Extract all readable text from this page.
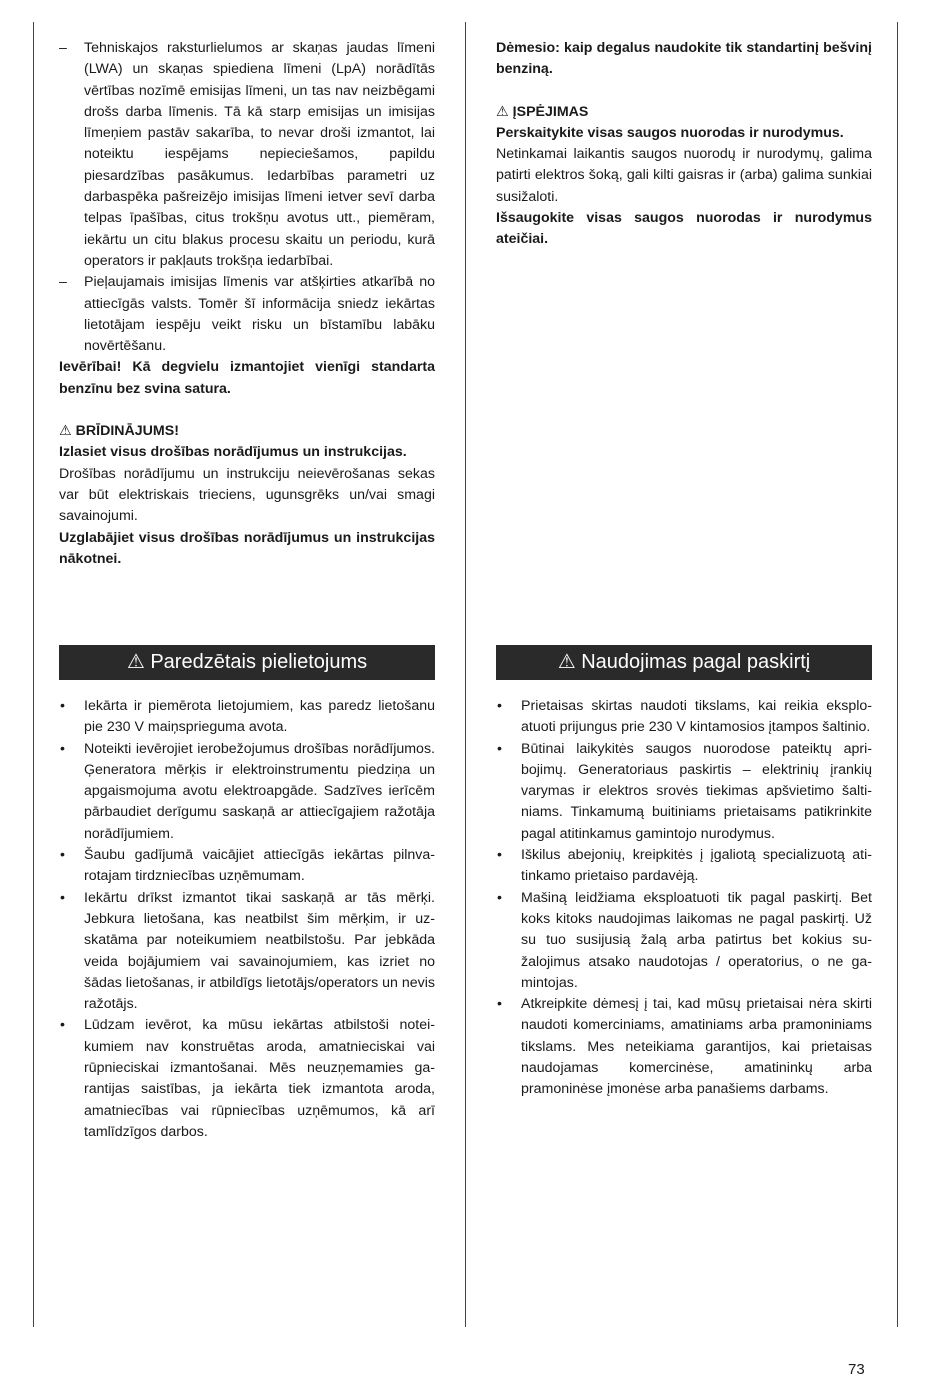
– Tehniskajos raksturlielumos ar skaņas jaudas līmeni (LWA) un skaņas spiediena līmeni (LpA) norādītās vērtības nozīmē emisijas līmeni, un tas nav neizbēgami drošs darba līmenis. Tā kā starp emisijas un imisijas līmeņiem pastāv sakarība, to nevar droši izmantot, lai noteiktu iespējams nepieciešamos, papildu piesardzības pasākumus. Iedarbības parametri uz darbaspēka pašreizējo imisijas līmeni ietver sevī darba telpas īpašības, citus trokšņu avotus utt., piemēram, iekārtu un citu blakus procesu skaitu un periodu, kurā operators ir pakļauts trokšņa iedarbībai.
– Pieļaujamais imisijas līmenis var atšķirties atkarībā no attiecīgās valsts. Tomēr šī informācija sniedz iekārtas lietotājam iespēju veikt risku un bīstamību labāku novērtēšanu.

Ievērībai! Kā degvielu izmantojiet vienīgi standarta benzīnu bez svina satura.

⚠ BRĪDINĀJUMS!

Izlasiet visus drošības norādījumus un instrukcijas.

Drošības norādījumu un instrukciju neievērošanas sekas var būt elektriskais trieciens, ugunsgrēks un/vai smagi savainojumi.

Uzglabājiet visus drošības norādījumus un instrukcijas nākotnei.

Dėmesio: kaip degalus naudokite tik standartinį bešvinį benziną.

⚠ ĮSPĖJIMAS

Perskaitykite visas saugos nuorodas ir nurodymus.

Netinkamai laikantis saugos nuorodų ir nurodymų, galima patirti elektros šoką, gali kilti gaisras ir (arba) galima sunkiai susižaloti.

Išsaugokite visas saugos nuorodas ir nurodymus ateičiai.

⚠ Paredzētais pielietojums	⚠ Naudojimas pagal paskirtį
• Iekārta ir piemērota lietojumiem, kas paredz lietošanu pie 230 V maiņsprieguma avota.
• Noteikti ievērojiet ierobežojumus drošības norādījumos. Ģeneratora mērķis ir elektroinstrumentu piedziņa un apgaismojuma avotu elektroapgāde. Sadzīves ierīcēm pārbaudiet derīgumu saskaņā ar attiecīgajiem ražotāja norādījumiem.
• Šaubu gadījumā vaicājiet attiecīgās iekārtas pilnvarotajam tirdzniecības uzņēmumam.
• Iekārtu drīkst izmantot tikai saskaņā ar tās mērķi. Jebkura lietošana, kas neatbilst šim mērķim, ir uzskatāma par noteikumiem neatbilstošu. Par jebkāda veida bojājumiem vai savainojumiem, kas izriet no šādas lietošanas, ir atbildīgs lietotājs/operators un nevis ražotājs.
• Lūdzam ievērot, ka mūsu iekārtas atbilstoši noteikumiem nav konstruētas aroda, amatnieciskai vai rūpnieciskai izmantošanai. Mēs neuzņemamies garantijas saistības, ja iekārta tiek izmantota aroda, amatniecības vai rūpniecības uzņēmumos, kā arī tamlīdzīgos darbos.
• Prietaisas skirtas naudoti tikslams, kai reikia eksploatuoti prijungus prie 230 V kintamosios įtampos šaltinio.
• Būtinai laikykitės saugos nuorodose pateiktų apribojimų. Generatoriaus paskirtis – elektrinių įrankių varymas ir elektros srovės tiekimas apšvietimo šaltiniams. Tinkamumą buitiniams prietaisams patikrinkite pagal atitinkamus gamintojo nurodymus.
• Iškilus abejonių, kreipkitės į įgaliotą specializuotą atitinkamo prietaiso pardavėją.
• Mašiną leidžiama eksploatuoti tik pagal paskirtį. Bet koks kitoks naudojimas laikomas ne pagal paskirtį. Už su tuo susijusią žalą arba patirtus bet kokius sužalojimus atsako naudotojas / operatorius, o ne gamintojas.
• Atkreipkite dėmesį į tai, kad mūsų prietaisai nėra skirti naudoti komerciniams, amatiniams arba pramoniniams tikslams. Mes neteikiama garantijos, kai prietaisas naudojamas komercinėse, amatininkų arba pramoninėse įmonėse arba panašiems darbams.
73
